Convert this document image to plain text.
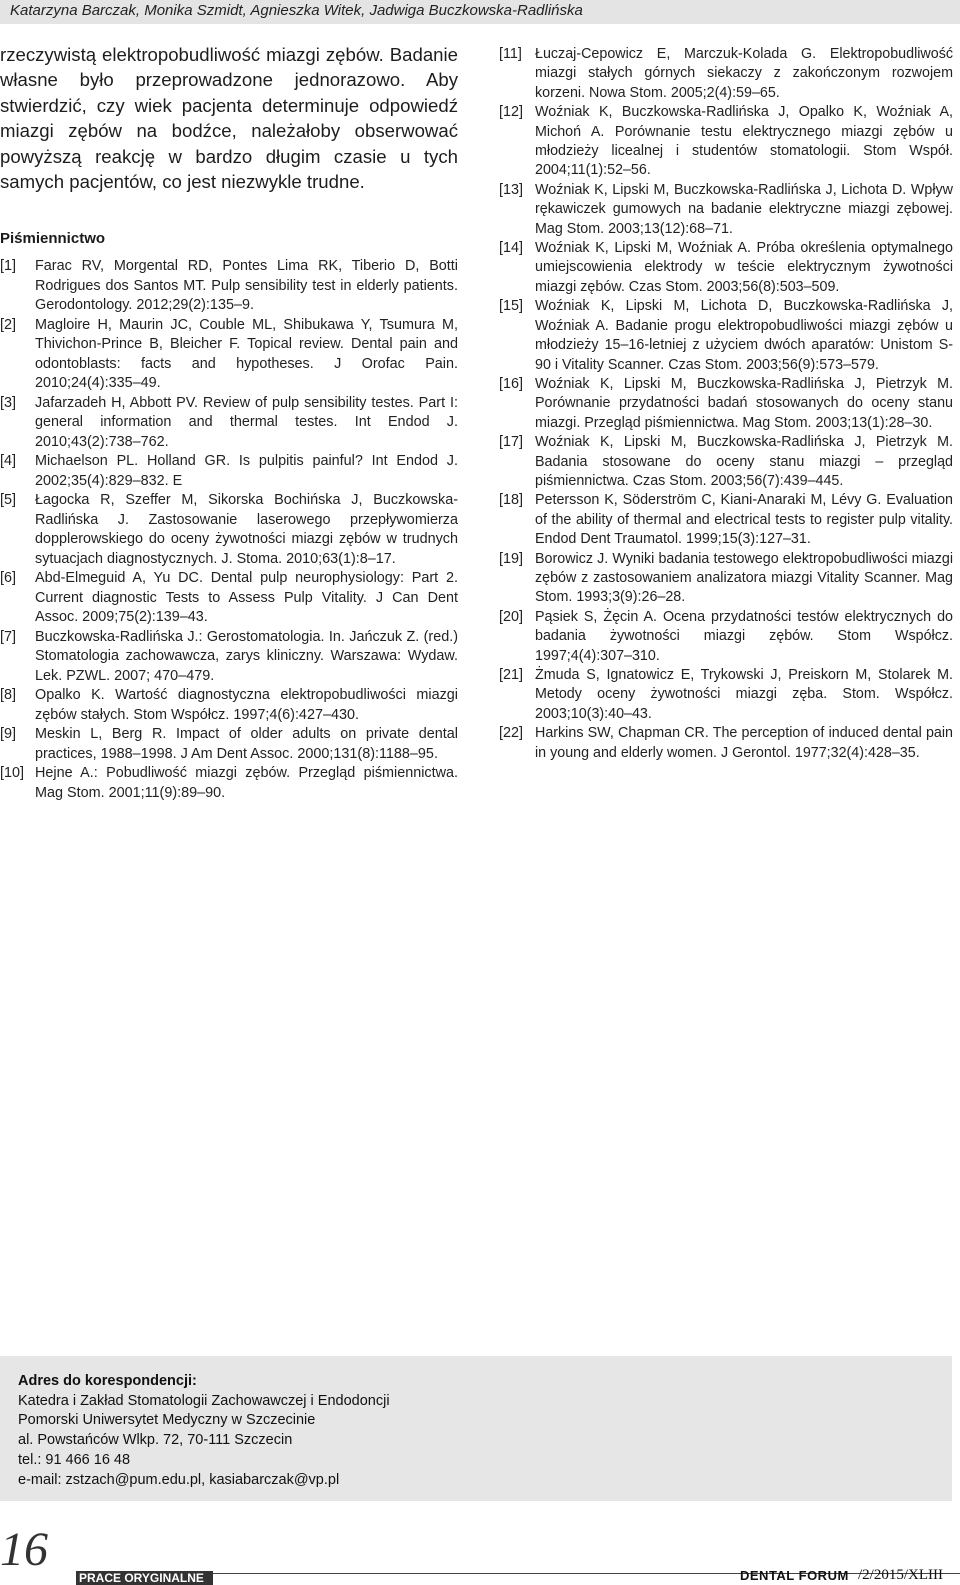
Katarzyna Barczak, Monika Szmidt, Agnieszka Witek, Jadwiga Buczkowska-Radlińska

rzeczywistą elektropobudliwość miazgi zębów. Badanie własne było przeprowadzone jednorazowo. Aby stwierdzić, czy wiek pacjenta determinuje odpowiedź miazgi zębów na bodźce, należałoby obserwować powyższą reakcję w bardzo długim czasie u tych samych pacjentów, co jest niezwykle trudne.

Piśmiennictwo
[1]	Farac RV, Morgental RD, Pontes Lima RK, Tiberio D, Botti Rodrigues dos Santos MT. Pulp sensibility test in elderly patients. Gerodontology. 2012;29(2):135–9.
[2]	Magloire H, Maurin JC, Couble ML, Shibukawa Y, Tsumura M, Thivichon-Prince B, Bleicher F. Topical review. Dental pain and odontoblasts: facts and hypotheses. J Orofac Pain. 2010;24(4):335–49.
[3]	Jafarzadeh H, Abbott PV. Review of pulp sensibility testes. Part I: general information and thermal testes. Int Endod J. 2010;43(2):738–762.
[4]	Michaelson PL. Holland GR. Is pulpitis painful? Int Endod J. 2002;35(4):829–832. E
[5]	Łagocka R, Szeffer M, Sikorska Bochińska J, Buczkowska-Radlińska J. Zastosowanie laserowego przepływomierza dopplerowskiego do oceny żywotności miazgi zębów w trudnych sytuacjach diagnostycznych. J. Stoma. 2010;63(1):8–17.
[6]	Abd-Elmeguid A, Yu DC. Dental pulp neurophysiology: Part 2. Current diagnostic Tests to Assess Pulp Vitality. J Can Dent Assoc. 2009;75(2):139–43.
[7]	Buczkowska-Radlińska J.: Gerostomatologia. In. Jańczuk Z. (red.) Stomatologia zachowawcza, zarys kliniczny. Warszawa: Wydaw. Lek. PZWL. 2007; 470–479.
[8]	Opalko K. Wartość diagnostyczna elektropobudliwości miazgi zębów stałych. Stom Współcz. 1997;4(6):427–430.
[9]	Meskin L, Berg R. Impact of older adults on private dental practices, 1988–1998. J Am Dent Assoc. 2000;131(8):1188–95.
[10] Hejne A.: Pobudliwość miazgi zębów. Przegląd piśmiennictwa. Mag Stom. 2001;11(9):89–90.
[11] Łuczaj-Cepowicz E, Marczuk-Kolada G. Elektropobudliwość miazgi stałych górnych siekaczy z zakończonym rozwojem korzeni. Nowa Stom. 2005;2(4):59–65.
[12] Woźniak K, Buczkowska-Radlińska J, Opalko K, Woźniak A, Michoń A. Porównanie testu elektrycznego miazgi zębów u młodzieży licealnej i studentów stomatologii. Stom Współ. 2004;11(1):52–56.
[13] Woźniak K, Lipski M, Buczkowska-Radlińska J, Lichota D. Wpływ rękawiczek gumowych na badanie elektryczne miazgi zębowej. Mag Stom. 2003;13(12):68–71.
[14] Woźniak K, Lipski M, Woźniak A. Próba określenia optymalnego umiejscowienia elektrody w teście elektrycznym żywotności miazgi zębów. Czas Stom. 2003;56(8):503–509.
[15] Woźniak K, Lipski M, Lichota D, Buczkowska-Radlińska J, Woźniak A. Badanie progu elektropobudliwości miazgi zębów u młodzieży 15–16-letniej z użyciem dwóch aparatów: Unistom S-90 i Vitality Scanner. Czas Stom. 2003;56(9):573–579.
[16] Woźniak K, Lipski M, Buczkowska-Radlińska J, Pietrzyk M. Porównanie przydatności badań stosowanych do oceny stanu miazgi. Przegląd piśmiennictwa. Mag Stom. 2003;13(1):28–30.
[17] Woźniak K, Lipski M, Buczkowska-Radlińska J, Pietrzyk M. Badania stosowane do oceny stanu miazgi – przegląd piśmiennictwa. Czas Stom. 2003;56(7):439–445.
[18] Petersson K, Söderström C, Kiani-Anaraki M, Lévy G. Evaluation of the ability of thermal and electrical tests to register pulp vitality. Endod Dent Traumatol. 1999;15(3):127–31.
[19] Borowicz J. Wyniki badania testowego elektropobudliwości miazgi zębów z zastosowaniem analizatora miazgi Vitality Scanner. Mag Stom. 1993;3(9):26–28.
[20] Pąsiek S, Żęcin A. Ocena przydatności testów elektrycznych do badania żywotności miazgi zębów. Stom Współcz. 1997;4(4):307–310.
[21] Żmuda S, Ignatowicz E, Trykowski J, Preiskorn M, Stolarek M. Metody oceny żywotności miazgi zęba. Stom. Współcz. 2003;10(3):40–43.
[22] Harkins SW, Chapman CR. The perception of induced dental pain in young and elderly women. J Gerontol. 1977;32(4):428–35.
Adres do korespondencji:
Katedra i Zakład Stomatologii Zachowawczej i Endodoncji
Pomorski Uniwersytet Medyczny w Szczecinie
al. Powstańców Wlkp. 72, 70-111 Szczecin
tel.: 91 466 16 48
e-mail: zstzach@pum.edu.pl, kasiabarczak@vp.pl
16
PRACE ORYGINALNE	DENTAL FORUM /2/2015/XLIII
